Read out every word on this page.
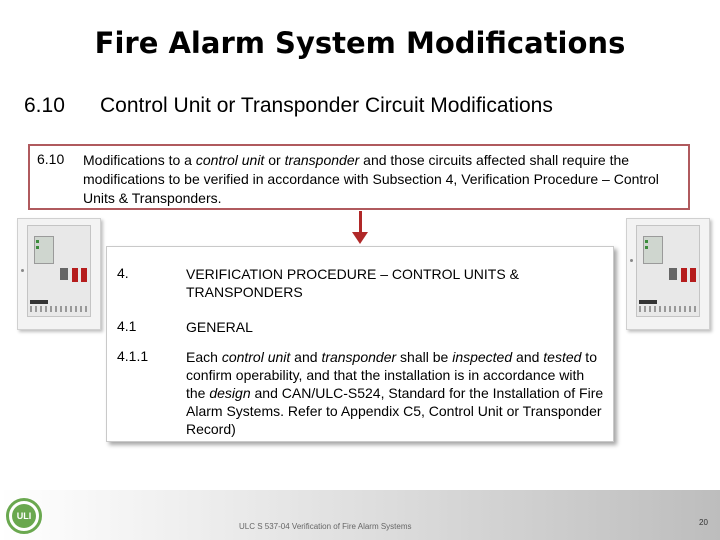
Fire Alarm System Modifications
6.10 Control Unit or Transponder Circuit Modifications
6.10 Modifications to a control unit or transponder and those circuits affected shall require the modifications to be verified in accordance with Subsection 4, Verification Procedure – Control Units & Transponders.
4.	VERIFICATION PROCEDURE – CONTROL UNITS & TRANSPONDERS
4.1	GENERAL
4.1.1	Each control unit and transponder shall be inspected and tested to confirm operability, and that the installation is in accordance with the design and CAN/ULC-S524, Standard for the Installation of Fire Alarm Systems. Refer to Appendix C5, Control Unit or Transponder Record)
ULI
ULC S 537-04 Verification of Fire Alarm Systems	20
